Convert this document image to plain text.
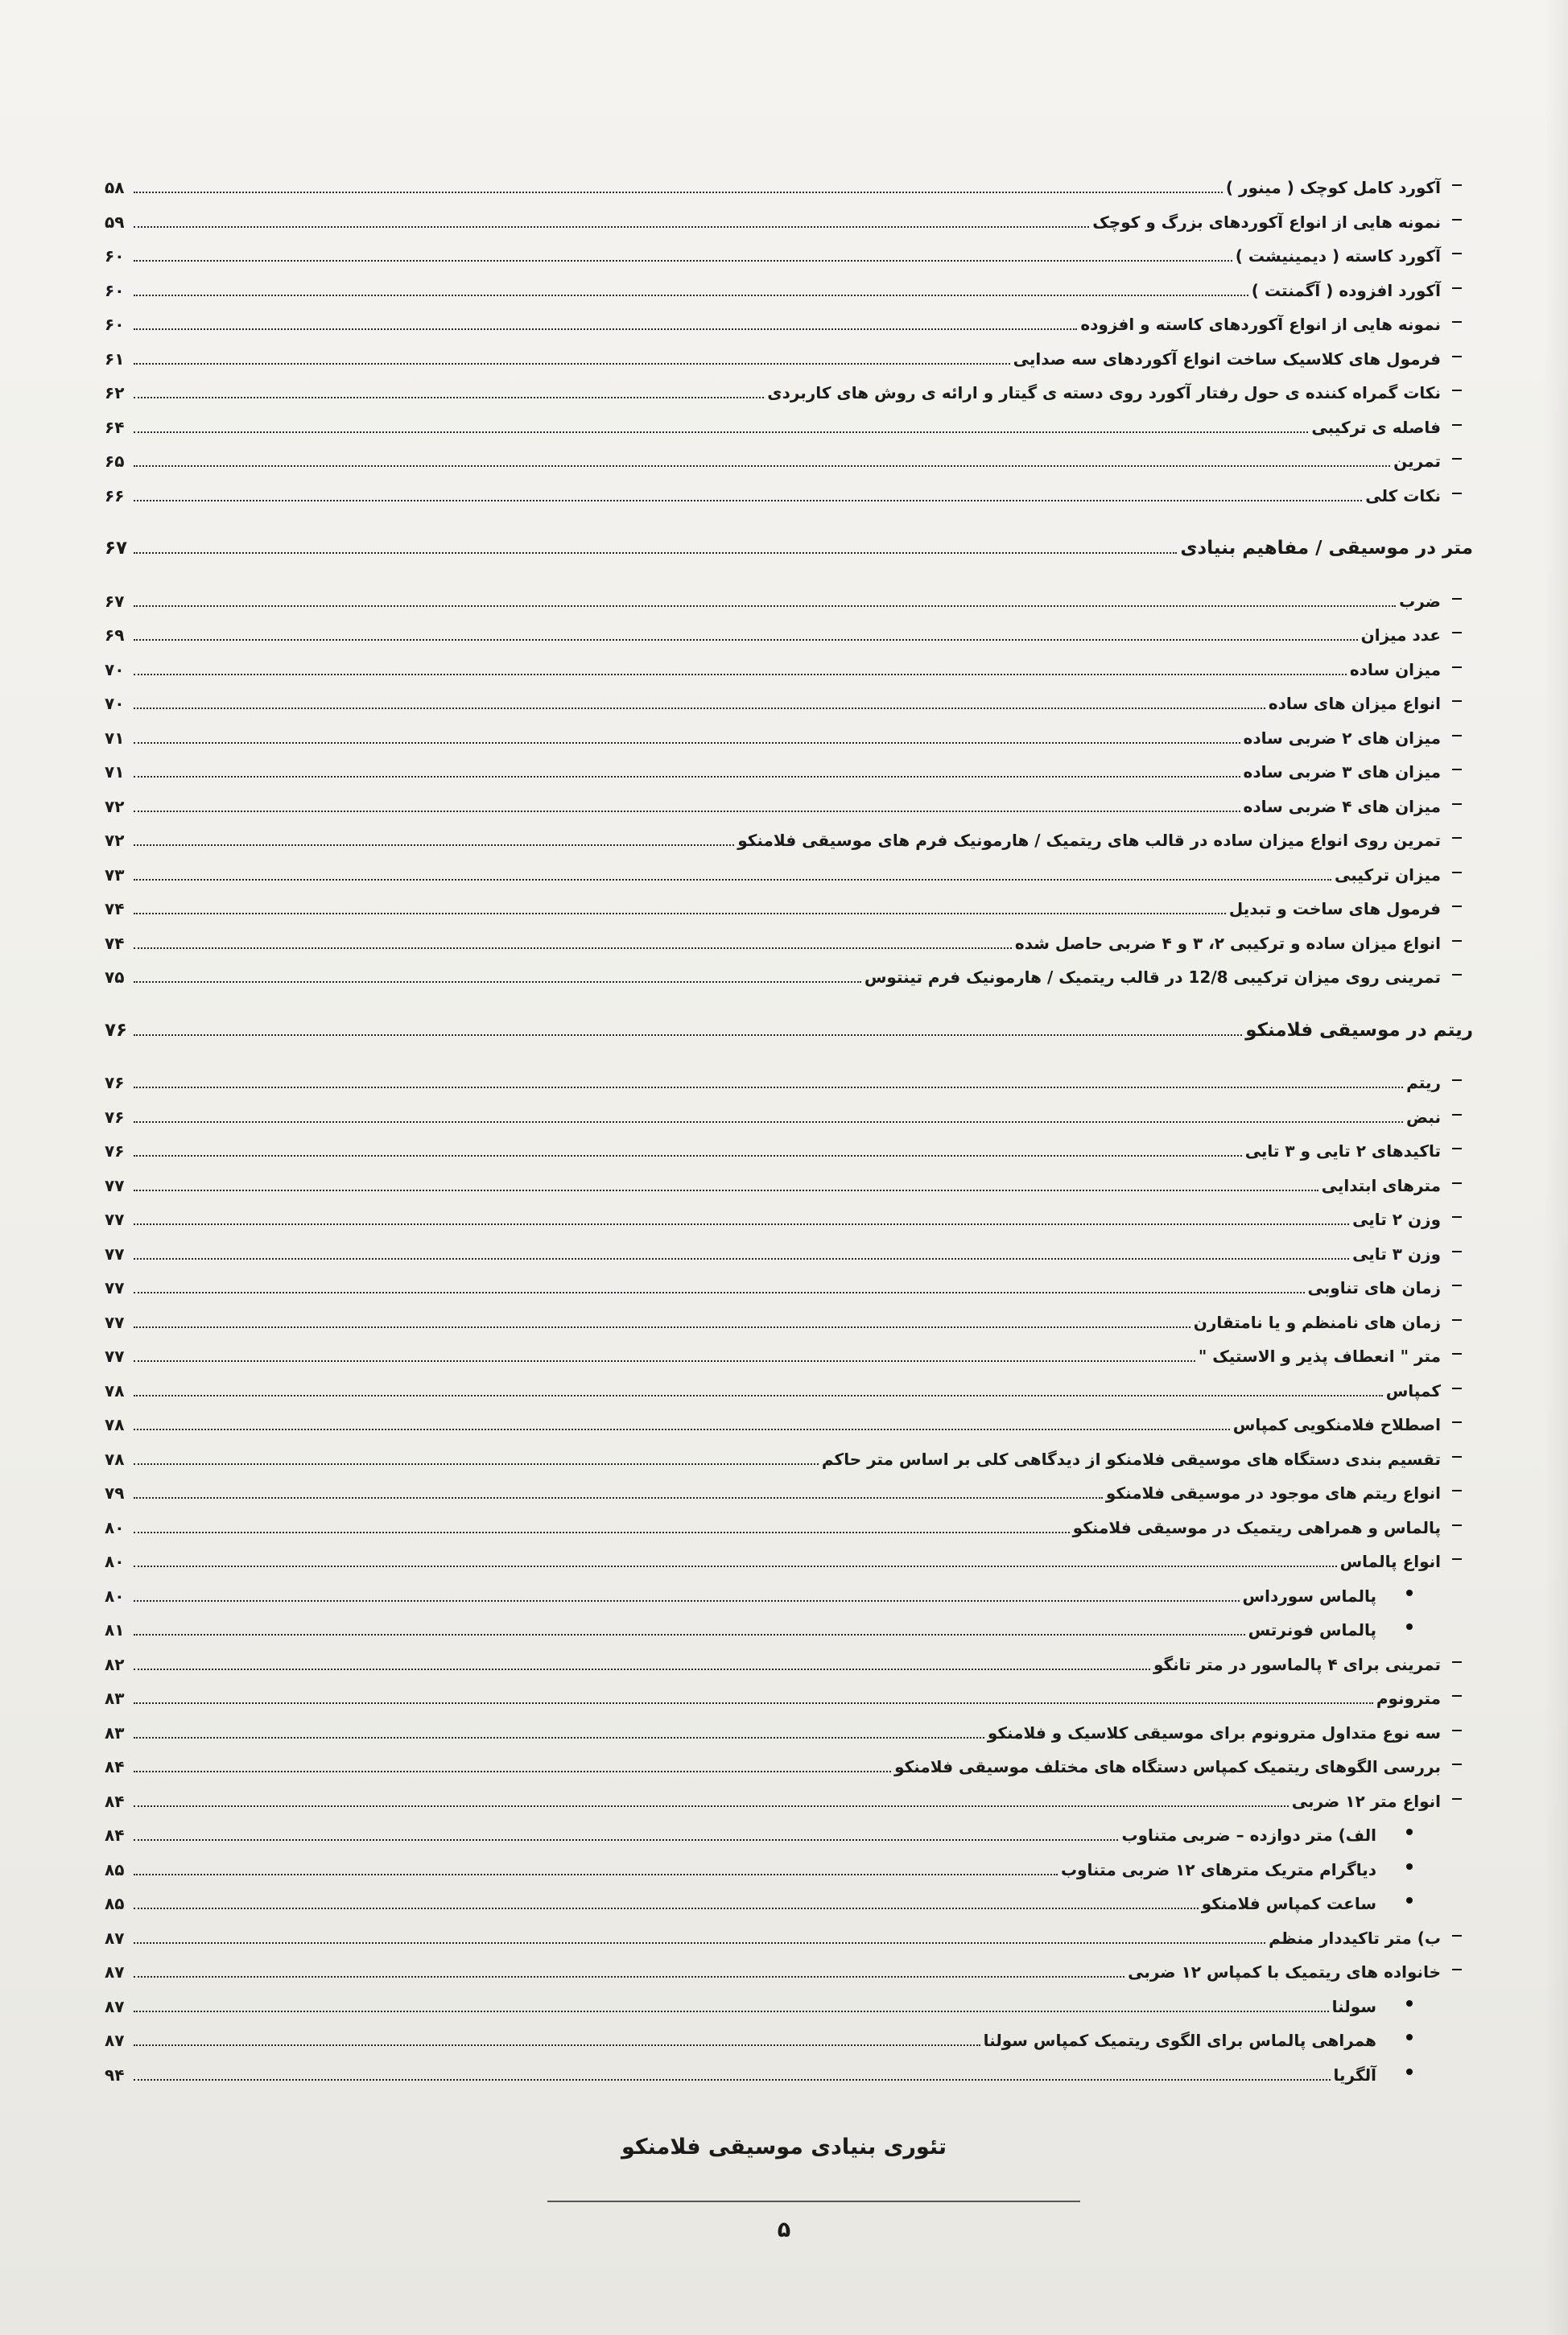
آکورد کامل کوچک ( مینور )
۵۸
نمونه هایی از انواع آکوردهای بزرگ و کوچک
۵۹
آکورد کاسته ( دیمینیشت )
۶۰
آکورد افزوده ( آگمنتت )
۶۰
نمونه هایی از انواع آکوردهای کاسته و افزوده
۶۰
فرمول های کلاسیک ساخت انواع آکوردهای سه صدایی
۶۱
نکات گمراه کننده ی حول رفتار آکورد روی دسته ی گیتار و ارائه ی روش های کاربردی
۶۲
فاصله ی ترکیبی
۶۴
تمرین
۶۵
نکات کلی
۶۶
متر در موسیقی / مفاهیم بنیادی
۶۷
ضرب
۶۷
عدد میزان
۶۹
میزان ساده
۷۰
انواع میزان های ساده
۷۰
میزان های ۲ ضربی ساده
۷۱
میزان های ۳ ضربی ساده
۷۱
میزان های ۴ ضربی ساده
۷۲
تمرین روی انواع میزان ساده در قالب های ریتمیک / هارمونیک فرم های موسیقی فلامنکو
۷۲
میزان ترکیبی
۷۳
فرمول های ساخت و تبدیل
۷۴
انواع میزان ساده و ترکیبی ۲، ۳ و ۴ ضربی حاصل شده
۷۴
تمرینی روی میزان ترکیبی 12/8 در قالب ریتمیک / هارمونیک فرم تینتوس
۷۵
ریتم در موسیقی فلامنکو
۷۶
ریتم
۷۶
نبض
۷۶
تاکیدهای ۲ تایی و ۳ تایی
۷۶
مترهای ابتدایی
۷۷
وزن ۲ تایی
۷۷
وزن ۳ تایی
۷۷
زمان های تناوبی
۷۷
زمان های نامنظم و یا نامتقارن
۷۷
متر " انعطاف پذیر و الاستیک "
۷۷
کمپاس
۷۸
اصطلاح فلامنکویی کمپاس
۷۸
تقسیم بندی دستگاه های موسیقی فلامنکو از دیدگاهی کلی بر اساس متر حاکم
۷۸
انواع ریتم های موجود در موسیقی فلامنکو
۷۹
پالماس و همراهی ریتمیک در موسیقی فلامنکو
۸۰
انواع پالماس
۸۰
پالماس سورداس
۸۰
پالماس فونرتس
۸۱
تمرینی برای ۴ پالماسور در متر تانگو
۸۲
مترونوم
۸۳
سه نوع متداول مترونوم برای موسیقی کلاسیک و فلامنکو
۸۳
بررسی الگوهای ریتمیک کمپاس دستگاه های مختلف موسیقی فلامنکو
۸۴
انواع متر ۱۲ ضربی
۸۴
الف) متر دوازده – ضربی متناوب
۸۴
دیاگرام متریک مترهای ۱۲ ضربی متناوب
۸۵
ساعت کمپاس فلامنکو
۸۵
ب) متر تاکیددار منظم
۸۷
خانواده های ریتمیک با کمپاس ۱۲ ضربی
۸۷
سولنا
۸۷
همراهی پالماس برای الگوی ریتمیک کمپاس سولنا
۸۷
آلگریا
۹۴
تئوری بنیادی موسیقی فلامنکو
۵
